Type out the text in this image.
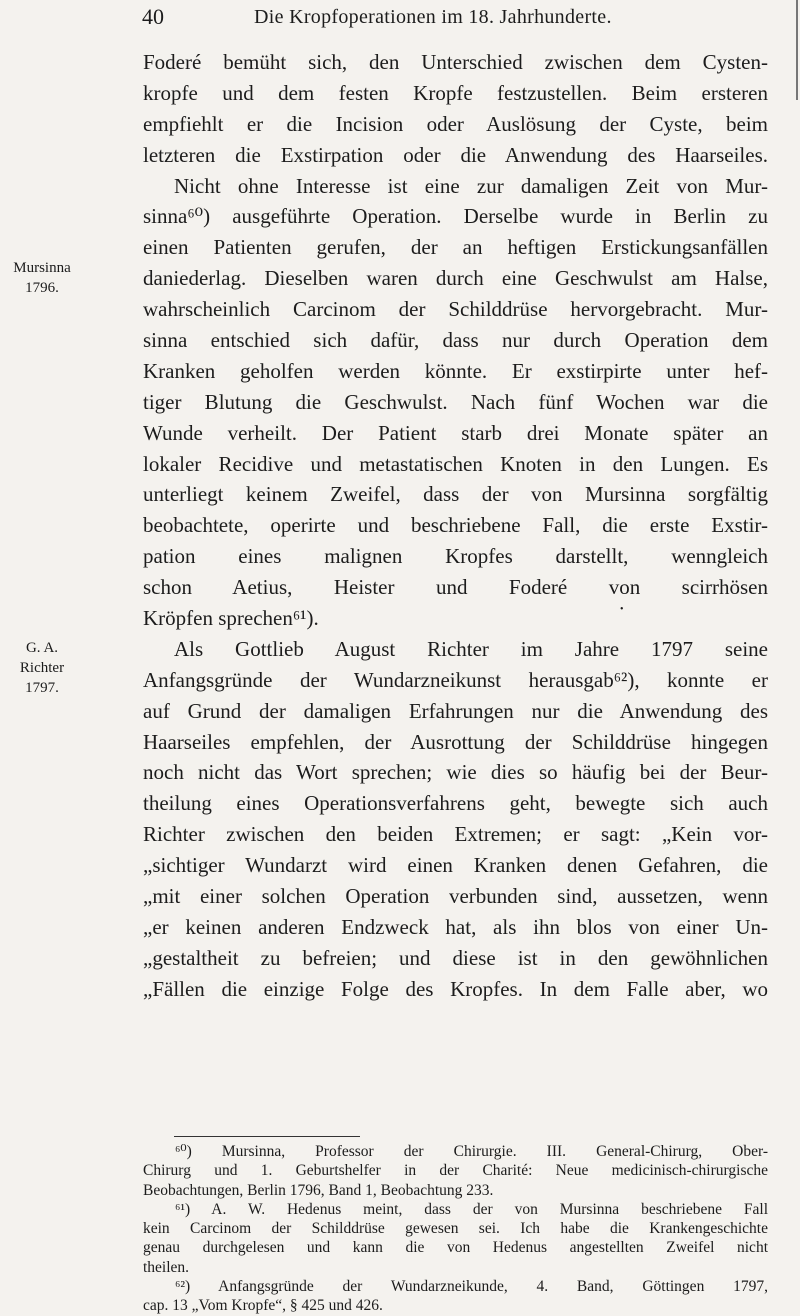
40	Die Kropfoperationen im 18. Jahrhunderte.
Mursinna
1796.
G. A. Richter
1797.
Foderé bemüht sich, den Unterschied zwischen dem Cysten-
kropfe und dem festen Kropfe festzustellen. Beim ersteren
empfiehlt er die Incision oder Auslösung der Cyste, beim
letzteren die Exstirpation oder die Anwendung des Haarseiles.
Nicht ohne Interesse ist eine zur damaligen Zeit von Mur-
sinna⁶⁰) ausgeführte Operation. Derselbe wurde in Berlin zu
einen Patienten gerufen, der an heftigen Erstickungsanfällen
daniederlag. Dieselben waren durch eine Geschwulst am Halse,
wahrscheinlich Carcinom der Schilddrüse hervorgebracht. Mur-
sinna entschied sich dafür, dass nur durch Operation dem
Kranken geholfen werden könnte. Er exstirpirte unter hef-
tiger Blutung die Geschwulst. Nach fünf Wochen war die
Wunde verheilt. Der Patient starb drei Monate später an
lokaler Recidive und metastatischen Knoten in den Lungen. Es
unterliegt keinem Zweifel, dass der von Mursinna sorgfältig
beobachtete, operirte und beschriebene Fall, die erste Exstir-
pation eines malignen Kropfes darstellt, wenngleich
schon Aetius, Heister und Foderé von scirrhösen
Kröpfen sprechen⁶¹).
Als Gottlieb August Richter im Jahre 1797 seine
Anfangsgründe der Wundarzneikunst herausgab⁶²), konnte er
auf Grund der damaligen Erfahrungen nur die Anwendung des
Haarseiles empfehlen, der Ausrottung der Schilddrüse hingegen
noch nicht das Wort sprechen; wie dies so häufig bei der Beur-
theilung eines Operationsverfahrens geht, bewegte sich auch
Richter zwischen den beiden Extremen; er sagt: „Kein vor-
„sichtiger Wundarzt wird einen Kranken denen Gefahren, die
„mit einer solchen Operation verbunden sind, aussetzen, wenn
„er keinen anderen Endzweck hat, als ihn blos von einer Un-
„gestaltheit zu befreien; und diese ist in den gewöhnlichen
„Fällen die einzige Folge des Kropfes. In dem Falle aber, wo
•
⁶⁰) Mursinna, Professor der Chirurgie. III. General-Chirurg, Ober-
Chirurg und 1. Geburtshelfer in der Charité: Neue medicinisch-chirurgische
Beobachtungen, Berlin 1796, Band 1, Beobachtung 233.
⁶¹) A. W. Hedenus meint, dass der von Mursinna beschriebene Fall
kein Carcinom der Schilddrüse gewesen sei. Ich habe die Krankengeschichte
genau durchgelesen und kann die von Hedenus angestellten Zweifel nicht
theilen.
⁶²) Anfangsgründe der Wundarzneikunde, 4. Band, Göttingen 1797,
cap. 13 „Vom Kropfe“, § 425 und 426.
